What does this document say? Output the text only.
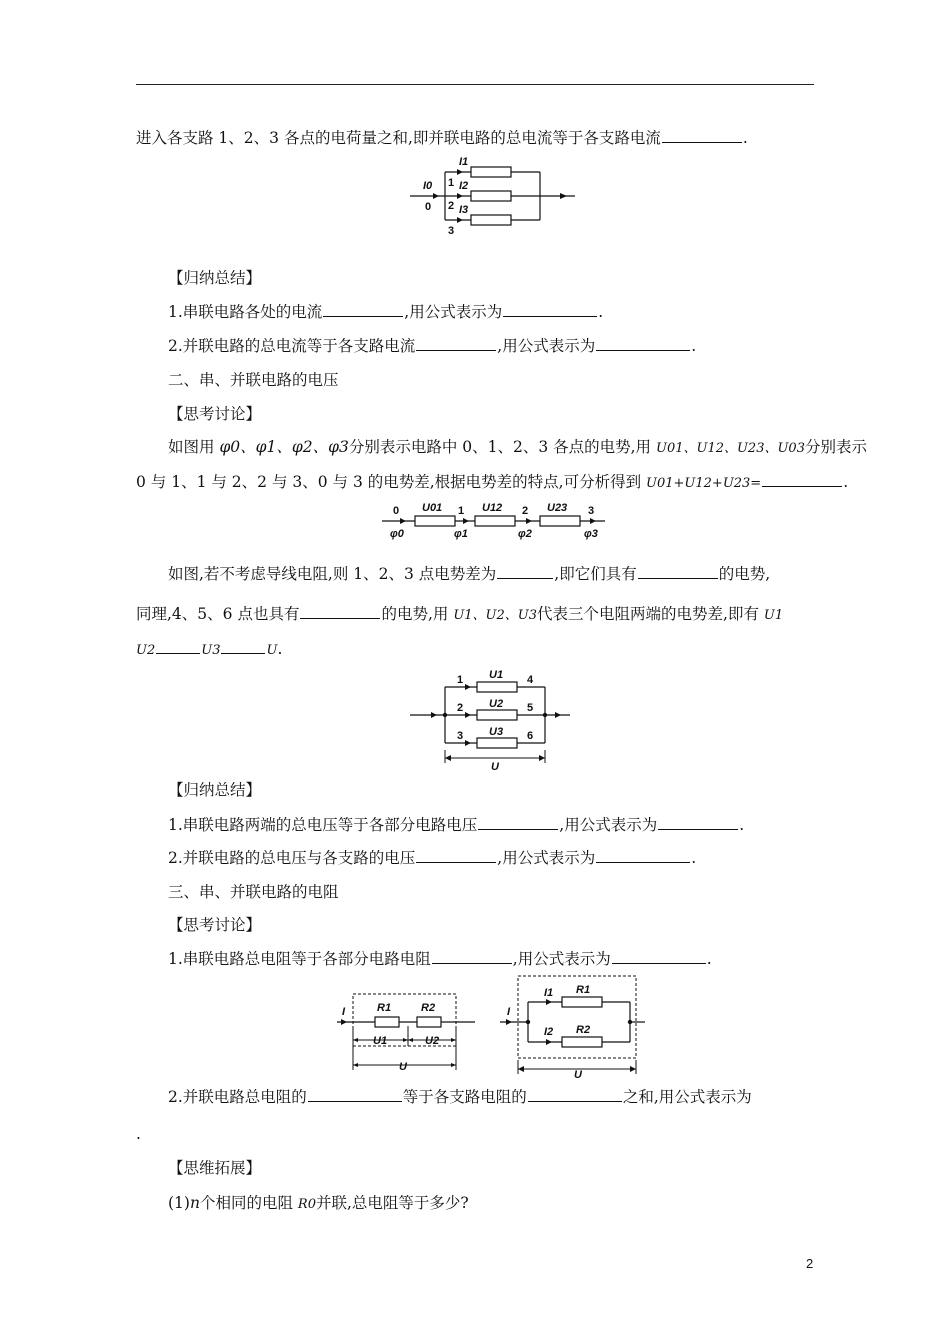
进入各支路 1、2、3 各点的电荷量之和,即并联电路的总电流等于各支路电流	.
I0
0
1
2
3
I1
I2
I3
【归纳总结】
1.串联电路各处的电流	,用公式表示为	.
2.并联电路的总电流等于各支路电流	,用公式表示为	.
二、串、并联电路的电压
【思考讨论】
如图用 φ0、φ1、φ2、φ3分别表示电路中 0、1、2、3 各点的电势,用 U01、U12、U23、U03分别表示
0 与 1、1 与 2、2 与 3、0 与 3 的电势差,根据电势差的特点,可分析得到 U01+U12+U23=	.
0	1	2	3
U01	U12	U23
φ0	φ1	φ2	φ3
如图,若不考虑导线电阻,则 1、2、3 点电势差为	,即它们具有	的电势,
同理,4、5、6 点也具有	的电势,用 U1、U2、U3代表三个电阻两端的电势差,即有 U1
U2	U3	U.
1
2
3
4
5
6
U1
U2
U3
U
【归纳总结】
1.串联电路两端的总电压等于各部分电路电压	,用公式表示为	.
2.并联电路的总电压与各支路的电压	,用公式表示为	.
三、串、并联电路的电阻
【思考讨论】
1.串联电路总电阻等于各部分电路电阻	,用公式表示为	.
I	R1	R2
U1	U2
U
I
I1
I2
R1
R2
U
2.并联电路总电阻的	等于各支路电阻的	之和,用公式表示为
.
【思维拓展】
(1)n个相同的电阻 R0并联,总电阻等于多少?
2
